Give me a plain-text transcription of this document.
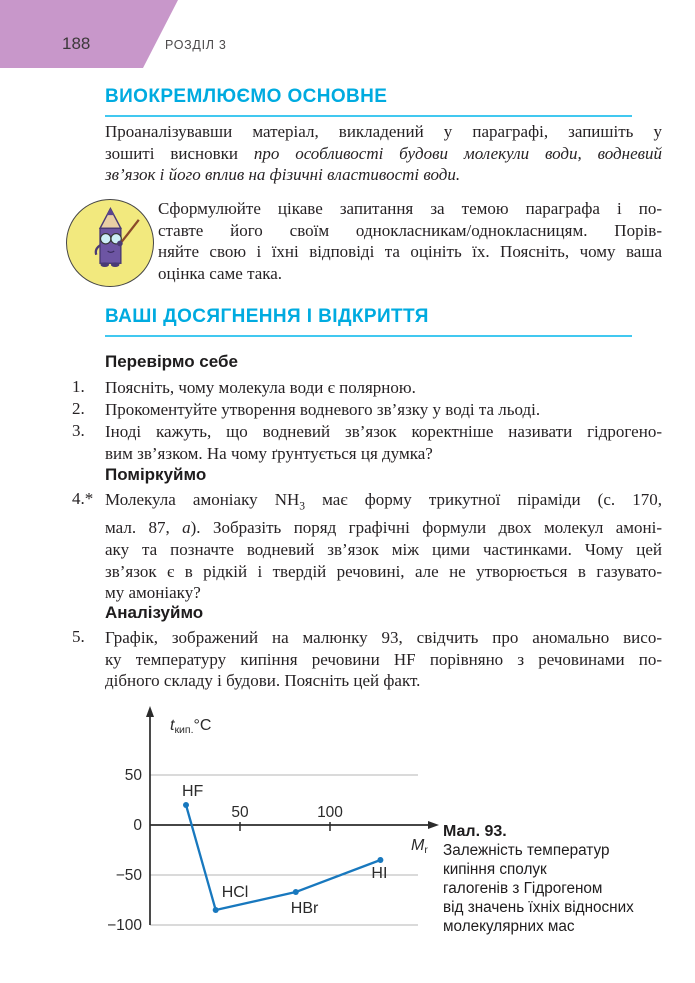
188	РОЗДІЛ 3
ВИОКРЕМЛЮЄМО ОСНОВНЕ
Проаналізувавши матеріал, викладений у параграфі, запишіть у
зошиті висновки про особливості будови молекули води, водневий
зв’язок і його вплив на фізичні властивості води.
Сформулюйте цікаве запитання за темою параграфа і по-
ставте його своїм однокласникам/однокласницям. Порів-
няйте свою і їхні відповіді та оцініть їх. Поясніть, чому ваша
оцінка саме така.
ВАШІ ДОСЯГНЕННЯ І ВІДКРИТТЯ
Перевірмо себе
1. Поясніть, чому молекула води є полярною.
2. Прокоментуйте утворення водневого зв’язку у воді та льоді.
3. Іноді кажуть, що водневий зв’язок коректніше називати гідрогено-
вим зв’язком. На чому ґрунтується ця думка?
Поміркуймо
4.* Молекула амоніаку $NH_3$ має форму трикутної піраміди (с. 170,
мал. 87, а). Зобразіть поряд графічні формули двох молекул амоні-
аку та позначте водневий зв’язок між цими частинками. Чому цей
зв’язок є в рідкій і твердій речовині, але не утворюється в газувато-
му амоніаку?
Аналізуймо
5. Графік, зображений на малюнку 93, свідчить про аномально висо-
ку температуру кипіння речовини HF порівняно з речовинами по-
дібного складу і будови. Поясніть цей факт.
50	100
50
0
−50
−100
tкип.°C
Mr
HF
HCl
HBr
HI
Мал. 93.
Залежність температур
кипіння сполук
галогенів з Гідрогеном
від значень їхніх відносних
молекулярних мас
